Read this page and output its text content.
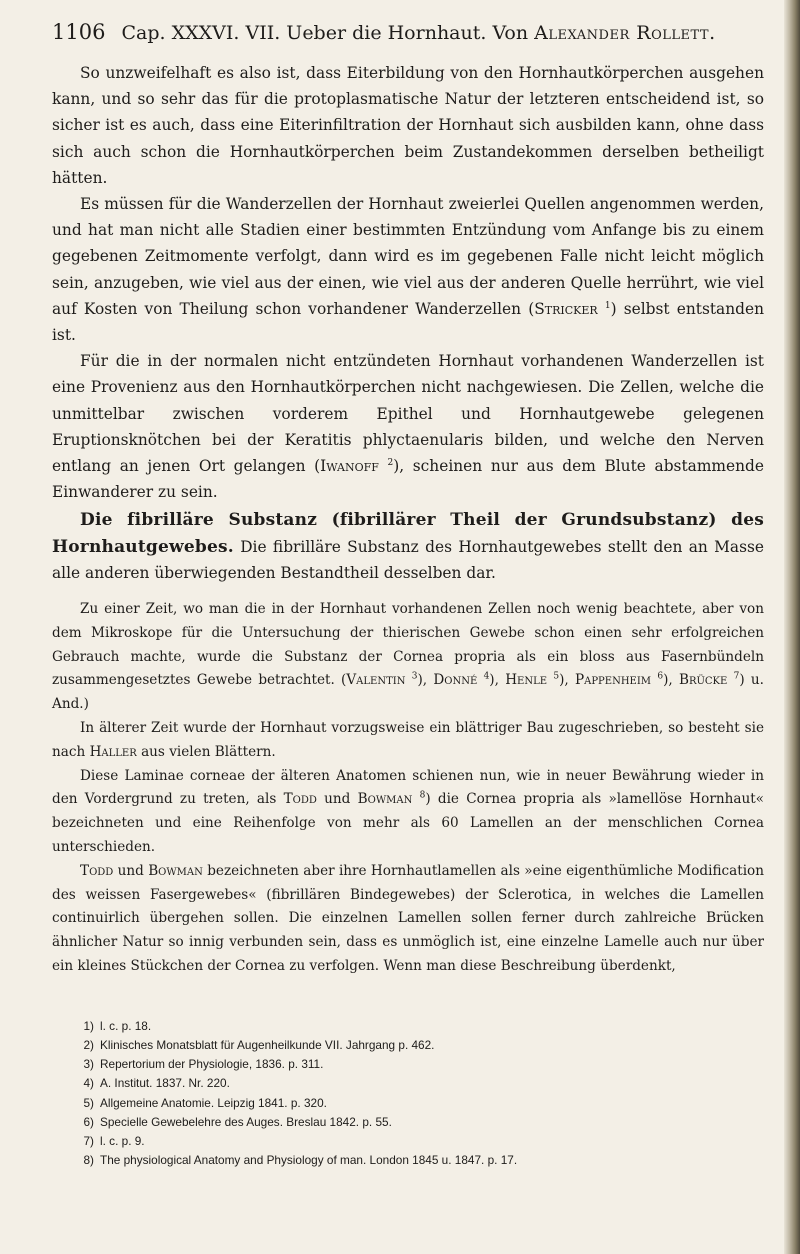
1106 Cap. XXXVI. VII. Ueber die Hornhaut. Von Alexander Rollett.

So unzweifelhaft es also ist, dass Eiterbildung von den Hornhautkörperchen ausgehen kann, und so sehr das für die protoplasmatische Natur der letzteren entscheidend ist, so sicher ist es auch, dass eine Eiterinfiltration der Hornhaut sich ausbilden kann, ohne dass sich auch schon die Hornhautkörperchen beim Zustandekommen derselben betheiligt hätten.

Es müssen für die Wanderzellen der Hornhaut zweierlei Quellen angenommen werden, und hat man nicht alle Stadien einer bestimmten Entzündung vom Anfange bis zu einem gegebenen Zeitmomente verfolgt, dann wird es im gegebenen Falle nicht leicht möglich sein, anzugeben, wie viel aus der einen, wie viel aus der anderen Quelle herrührt, wie viel auf Kosten von Theilung schon vorhandener Wanderzellen (Stricker $^1$) selbst entstanden ist.

Für die in der normalen nicht entzündeten Hornhaut vorhandenen Wanderzellen ist eine Provenienz aus den Hornhautkörperchen nicht nachgewiesen. Die Zellen, welche die unmittelbar zwischen vorderem Epithel und Hornhautgewebe gelegenen Eruptionsknötchen bei der Keratitis phlyctaenularis bilden, und welche den Nerven entlang an jenen Ort gelangen (Iwanoff $^2$), scheinen nur aus dem Blute abstammende Einwanderer zu sein.

Die fibrilläre Substanz (fibrillärer Theil der Grundsubstanz) des Hornhautgewebes. Die fibrilläre Substanz des Hornhautgewebes stellt den an Masse alle anderen überwiegenden Bestandtheil desselben dar.

Zu einer Zeit, wo man die in der Hornhaut vorhandenen Zellen noch wenig beachtete, aber von dem Mikroskope für die Untersuchung der thierischen Gewebe schon einen sehr erfolgreichen Gebrauch machte, wurde die Substanz der Cornea propria als ein bloss aus Fasernbündeln zusammengesetztes Gewebe betrachtet. (Valentin $^3$), Donné $^4$), Henle $^5$), Pappenheim $^6$), Brücke $^7$) u. And.)

In älterer Zeit wurde der Hornhaut vorzugsweise ein blättriger Bau zugeschrieben, so besteht sie nach Haller aus vielen Blättern.

Diese Laminae corneae der älteren Anatomen schienen nun, wie in neuer Bewährung wieder in den Vordergrund zu treten, als Todd und Bowman $^8$) die Cornea propria als »lamellöse Hornhaut« bezeichneten und eine Reihenfolge von mehr als 60 Lamellen an der menschlichen Cornea unterschieden.

Todd und Bowman bezeichneten aber ihre Hornhautlamellen als »eine eigenthümliche Modification des weissen Fasergewebes« (fibrillären Bindegewebes) der Sclerotica, in welches die Lamellen continuirlich übergehen sollen. Die einzelnen Lamellen sollen ferner durch zahlreiche Brücken ähnlicher Natur so innig verbunden sein, dass es unmöglich ist, eine einzelne Lamelle auch nur über ein kleines Stückchen der Cornea zu verfolgen. Wenn man diese Beschreibung überdenkt,

1) l. c. p. 18.
2) Klinisches Monatsblatt für Augenheilkunde VII. Jahrgang p. 462.
3) Repertorium der Physiologie, 1836. p. 311.
4) A. Institut. 1837. Nr. 220.
5) Allgemeine Anatomie. Leipzig 1841. p. 320.
6) Specielle Gewebelehre des Auges. Breslau 1842. p. 55.
7) l. c. p. 9.
8) The physiological Anatomy and Physiology of man. London 1845 u. 1847. p. 17.
